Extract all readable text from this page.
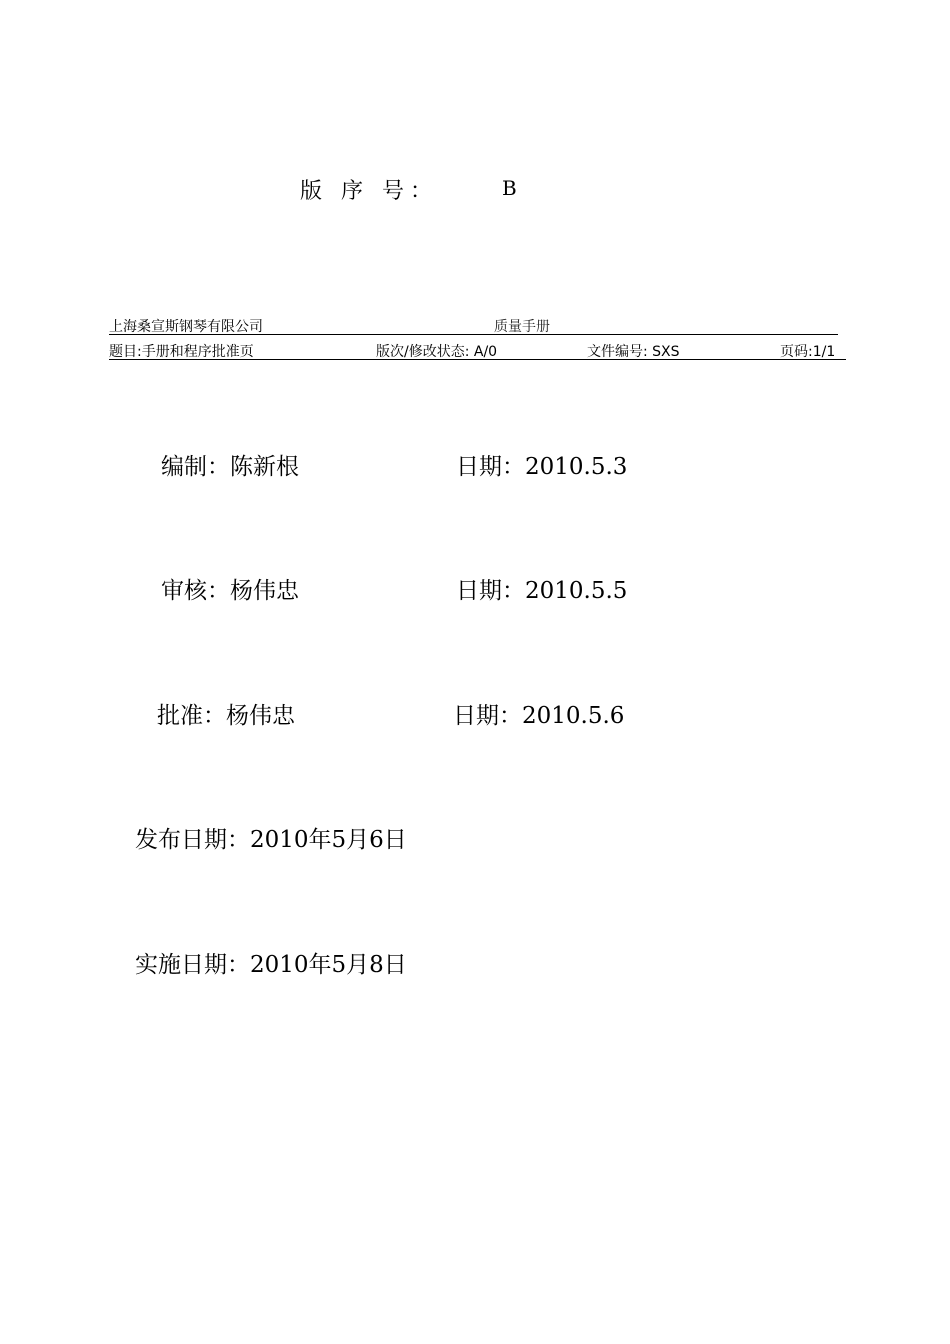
版 序 号：	B
上海桑宣斯钢琴有限公司	质量手册
题目:手册和程序批准页	版次/修改状态: A/0	文件编号: SXS	页码:1/1
编制：陈新根	日期：2010.5.3
审核：杨伟忠	日期：2010.5.5
批准：杨伟忠	日期：2010.5.6
发布日期：2010年5月6日
实施日期：2010年5月8日
